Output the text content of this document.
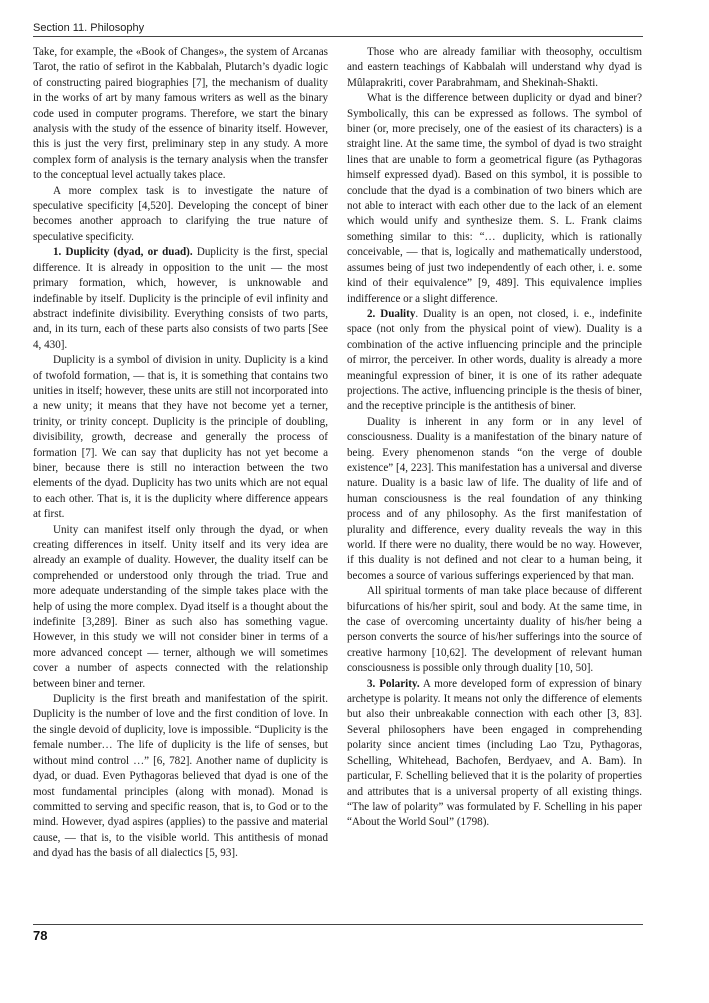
Section 11. Philosophy

Take, for example, the «Book of Changes», the system of Arcanas Tarot, the ratio of sefirot in the Kabbalah, Plutarch’s dyadic logic of constructing paired biographies [7], the mechanism of duality in the works of art by many famous writers as well as the binary code used in computer programs. Therefore, we start the binary analysis with the study of the essence of binarity itself. However, this is just the very first, preliminary step in any study. A more complex form of analysis is the ternary analysis when the transfer to the conceptual level actually takes place.

A more complex task is to investigate the nature of speculative specificity [4,520]. Developing the concept of biner becomes another approach to clarifying the true nature of speculative specificity.

1. Duplicity (dyad, or duad). Duplicity is the first, special difference. It is already in opposition to the unit — the most primary formation, which, however, is unknowable and indefinable by itself. Duplicity is the principle of evil infinity and abstract indefinite divisibility. Everything consists of two parts, and, in its turn, each of these parts also consists of two parts [See 4, 430].

Duplicity is a symbol of division in unity. Duplicity is a kind of twofold formation, — that is, it is something that contains two unities in itself; however, these units are still not incorporated into a new unity; it means that they have not become yet a terner, trinity, or trinity concept. Duplicity is the principle of doubling, divisibility, growth, decrease and generally the process of formation [7]. We can say that duplicity has not yet become a biner, because there is still no interaction between the two elements of the dyad. Duplicity has two units which are not equal to each other. That is, it is the duplicity where difference appears at first.

Unity can manifest itself only through the dyad, or when creating differences in itself. Unity itself and its very idea are already an example of duality. However, the duality itself can be comprehended or understood only through the triad. True and more adequate understanding of the simple takes place with the help of using the more complex. Dyad itself is a thought about the indefinite [3,289]. Biner as such also has something vague. However, in this study we will not consider biner in terms of a more advanced concept — terner, although we will sometimes cover a number of aspects connected with the relationship between biner and terner.

Duplicity is the first breath and manifestation of the spirit. Duplicity is the number of love and the first condition of love. In the single devoid of duplicity, love is impossible. “Duplicity is the female number… The life of duplicity is the life of senses, but without mind control …” [6, 782]. Another name of duplicity is dyad, or duad. Even Pythagoras believed that dyad is one of the most fundamental principles (along with monad). Monad is committed to serving and specific reason, that is, to God or to the mind. However, dyad aspires (applies) to the passive and material cause, — that is, to the visible world. This antithesis of monad and dyad has the basis of all dialectics [5, 93].

Those who are already familiar with theosophy, occultism and eastern teachings of Kabbalah will understand why dyad is Mûlaprakriti, cover Parabrahmam, and Shekinah-Shakti.

What is the difference between duplicity or dyad and biner? Symbolically, this can be expressed as follows. The symbol of biner (or, more precisely, one of the easiest of its characters) is a straight line. At the same time, the symbol of dyad is two straight lines that are unable to form a geometrical figure (as Pythagoras himself expressed dyad). Based on this symbol, it is possible to conclude that the dyad is a combination of two biners which are not able to interact with each other due to the lack of an element which would unify and synthesize them. S. L. Frank claims something similar to this: “… duplicity, which is rationally conceivable, — that is, logically and mathematically understood, assumes being of just two independently of each other, i. e. some kind of their equivalence” [9, 489]. This equivalence implies indifference or a slight difference.

2. Duality. Duality is an open, not closed, i. e., indefinite space (not only from the physical point of view). Duality is a combination of the active influencing principle and the principle of mirror, the perceiver. In other words, duality is already a more meaningful expression of biner, it is one of its rather adequate projections. The active, influencing principle is the thesis of biner, and the receptive principle is the antithesis of biner.

Duality is inherent in any form or in any level of consciousness. Duality is a manifestation of the binary nature of being. Every phenomenon stands “on the verge of double existence” [4, 223]. This manifestation has a universal and diverse nature. Duality is a basic law of life. The duality of life and of human consciousness is the real foundation of any thinking process and of any philosophy. As the first manifestation of plurality and difference, every duality reveals the way in this world. If there were no duality, there would be no way. However, if this duality is not defined and not clear to a human being, it becomes a source of various sufferings experienced by that man.

All spiritual torments of man take place because of different bifurcations of his/her spirit, soul and body. At the same time, in the case of overcoming uncertainty duality of his/her being a person converts the source of his/her sufferings into the source of creative harmony [10,62]. The development of relevant human consciousness is possible only through duality [10, 50].

3. Polarity. A more developed form of expression of binary archetype is polarity. It means not only the difference of elements but also their unbreakable connection with each other [3, 83]. Several philosophers have been engaged in comprehending polarity since ancient times (including Lao Tzu, Pythagoras, Schelling, Whitehead, Bachofen, Berdyaev, and A. Bam). In particular, F. Schelling believed that it is the polarity of properties and attributes that is a universal property of all existing things. “The law of polarity” was formulated by F. Schelling in his paper “About the World Soul” (1798).

78
